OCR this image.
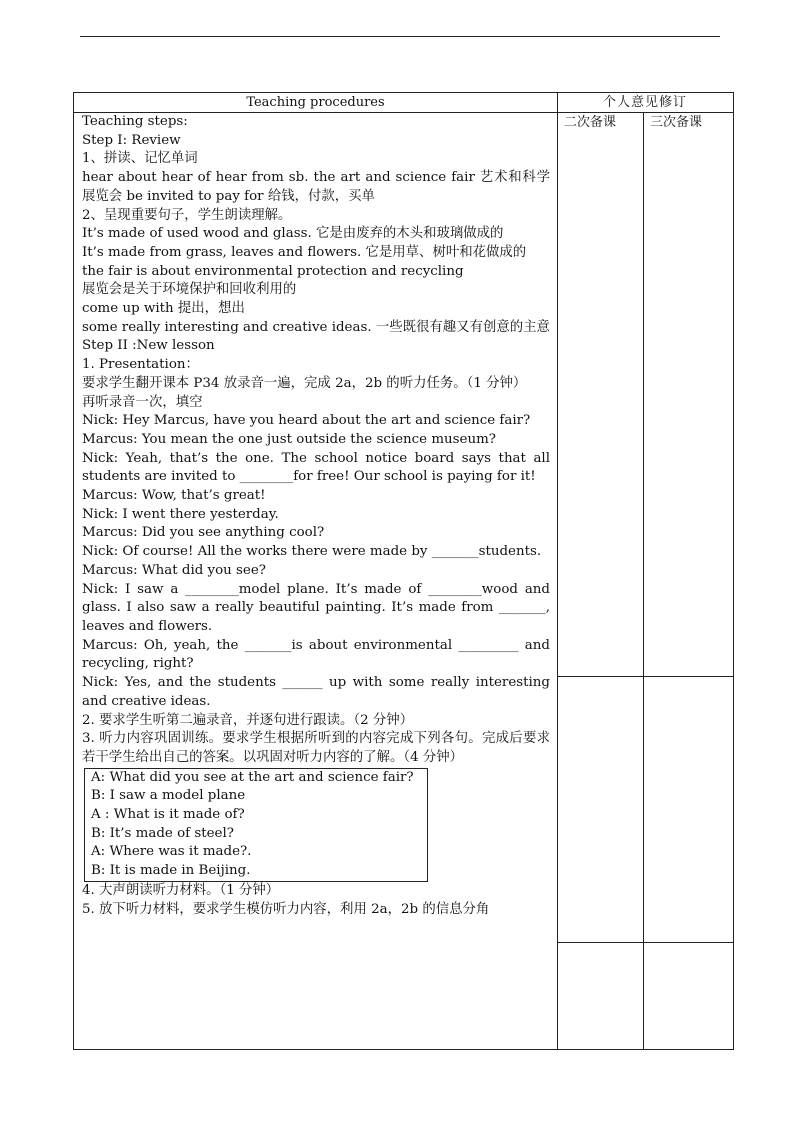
Teaching procedures	个人意见修订
二次备课	三次备课

Teaching steps:

Step I: Review

1、拼读、记忆单词

hear about hear of hear from sb. the art and science fair 艺术和科学展览会 be invited to pay for 给钱，付款，买单

2、呈现重要句子，学生朗读理解。

It’s made of used wood and glass. 它是由废弃的木头和玻璃做成的

It’s made from grass, leaves and flowers. 它是用草、树叶和花做成的

the fair is about environmental protection and recycling

展览会是关于环境保护和回收利用的

come up with 提出，想出

some really interesting and creative ideas. 一些既很有趣又有创意的主意

Step II :New lesson

1. Presentation：

要求学生翻开课本 P34 放录音一遍，完成 2a，2b 的听力任务。（1 分钟）

再听录音一次，填空

Nick: Hey Marcus, have you heard about the art and science fair?

Marcus: You mean the one just outside the science museum?

Nick: Yeah, that’s the one. The school notice board says that all students are invited to ________for free! Our school is paying for it!

Marcus: Wow, that’s great!

Nick: I went there yesterday.

Marcus: Did you see anything cool?

Nick: Of course! All the works there were made by _______students.

Marcus: What did you see?

Nick: I saw a ________model plane. It’s made of ________wood and glass. I also saw a really beautiful painting. It’s made from _______, leaves and flowers.

Marcus: Oh, yeah, the _______is about environmental _________ and recycling, right?

Nick: Yes, and the students ______ up with some really interesting and creative ideas.

2. 要求学生听第二遍录音，并逐句进行跟读。（2 分钟）

3. 听力内容巩固训练。要求学生根据所听到的内容完成下列各句。完成后要求若干学生给出自己的答案。以巩固对听力内容的了解。（4 分钟）

A: What did you see at the art and science fair?

B: I saw a model plane

A : What is it made of?

B: It’s made of steel?

A: Where was it made?.

B: It is made in Beijing.

4. 大声朗读听力材料。（1 分钟）

5. 放下听力材料，要求学生模仿听力内容，利用 2a，2b 的信息分角
